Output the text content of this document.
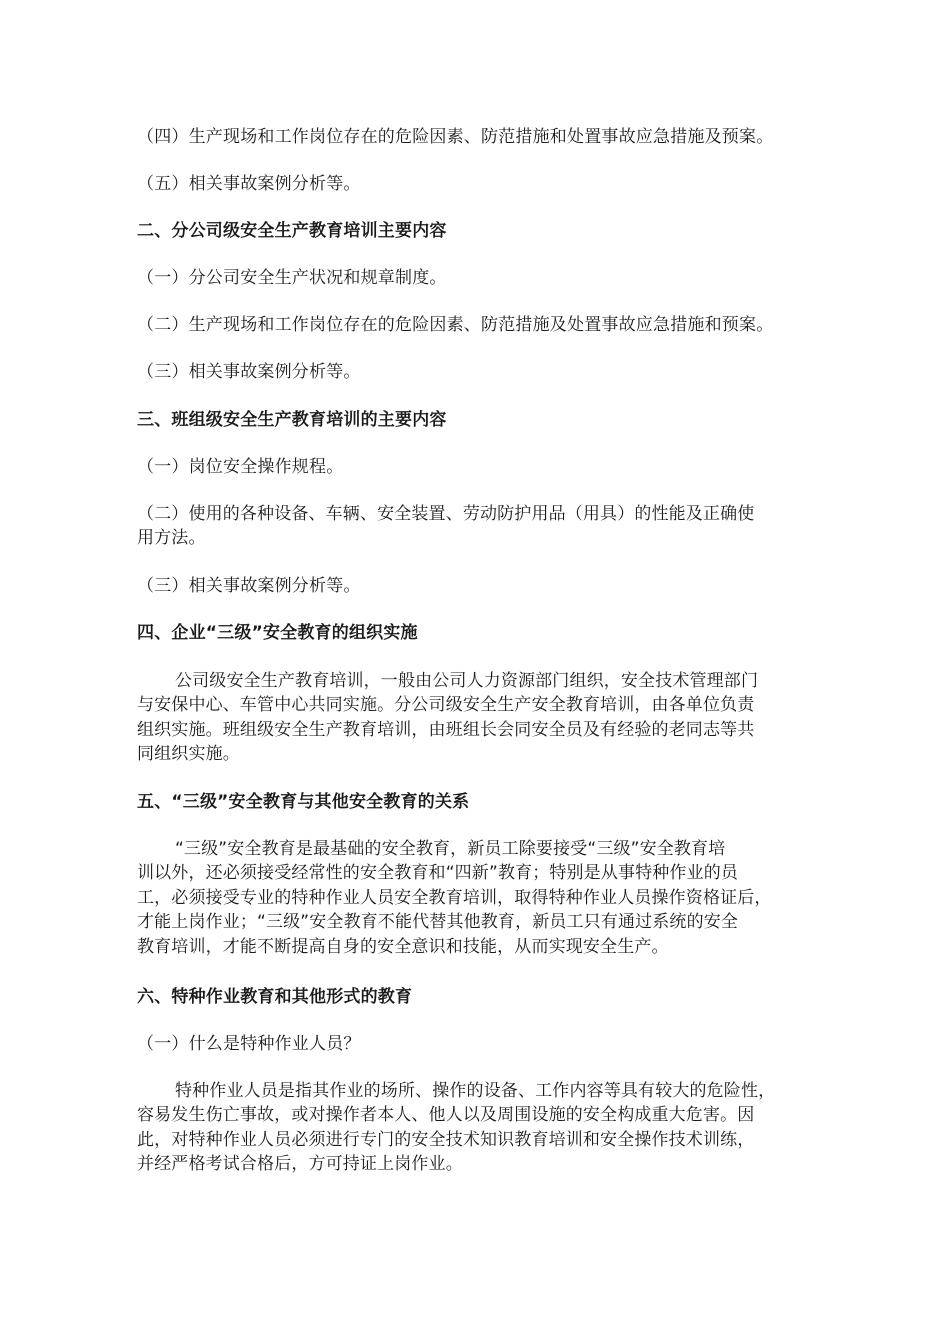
（四）生产现场和工作岗位存在的危险因素、防范措施和处置事故应急措施及预案。
（五）相关事故案例分析等。
二、分公司级安全生产教育培训主要内容
（一）分公司安全生产状况和规章制度。
（二）生产现场和工作岗位存在的危险因素、防范措施及处置事故应急措施和预案。
（三）相关事故案例分析等。
三、班组级安全生产教育培训的主要内容
（一）岗位安全操作规程。
（二）使用的各种设备、车辆、安全装置、劳动防护用品（用具）的性能及正确使
用方法。
（三）相关事故案例分析等。
四、企业“三级”安全教育的组织实施
公司级安全生产教育培训，一般由公司人力资源部门组织，安全技术管理部门
与安保中心、车管中心共同实施。分公司级安全生产安全教育培训，由各单位负责
组织实施。班组级安全生产教育培训，由班组长会同安全员及有经验的老同志等共
同组织实施。
五、“三级”安全教育与其他安全教育的关系
“三级”安全教育是最基础的安全教育，新员工除要接受“三级”安全教育培
训以外，还必须接受经常性的安全教育和“四新”教育；特别是从事特种作业的员
工，必须接受专业的特种作业人员安全教育培训，取得特种作业人员操作资格证后，
才能上岗作业；“三级”安全教育不能代替其他教育，新员工只有通过系统的安全
教育培训，才能不断提高自身的安全意识和技能，从而实现安全生产。
六、特种作业教育和其他形式的教育
（一）什么是特种作业人员？
特种作业人员是指其作业的场所、操作的设备、工作内容等具有较大的危险性，
容易发生伤亡事故，或对操作者本人、他人以及周围设施的安全构成重大危害。因
此，对特种作业人员必须进行专门的安全技术知识教育培训和安全操作技术训练，
并经严格考试合格后，方可持证上岗作业。
